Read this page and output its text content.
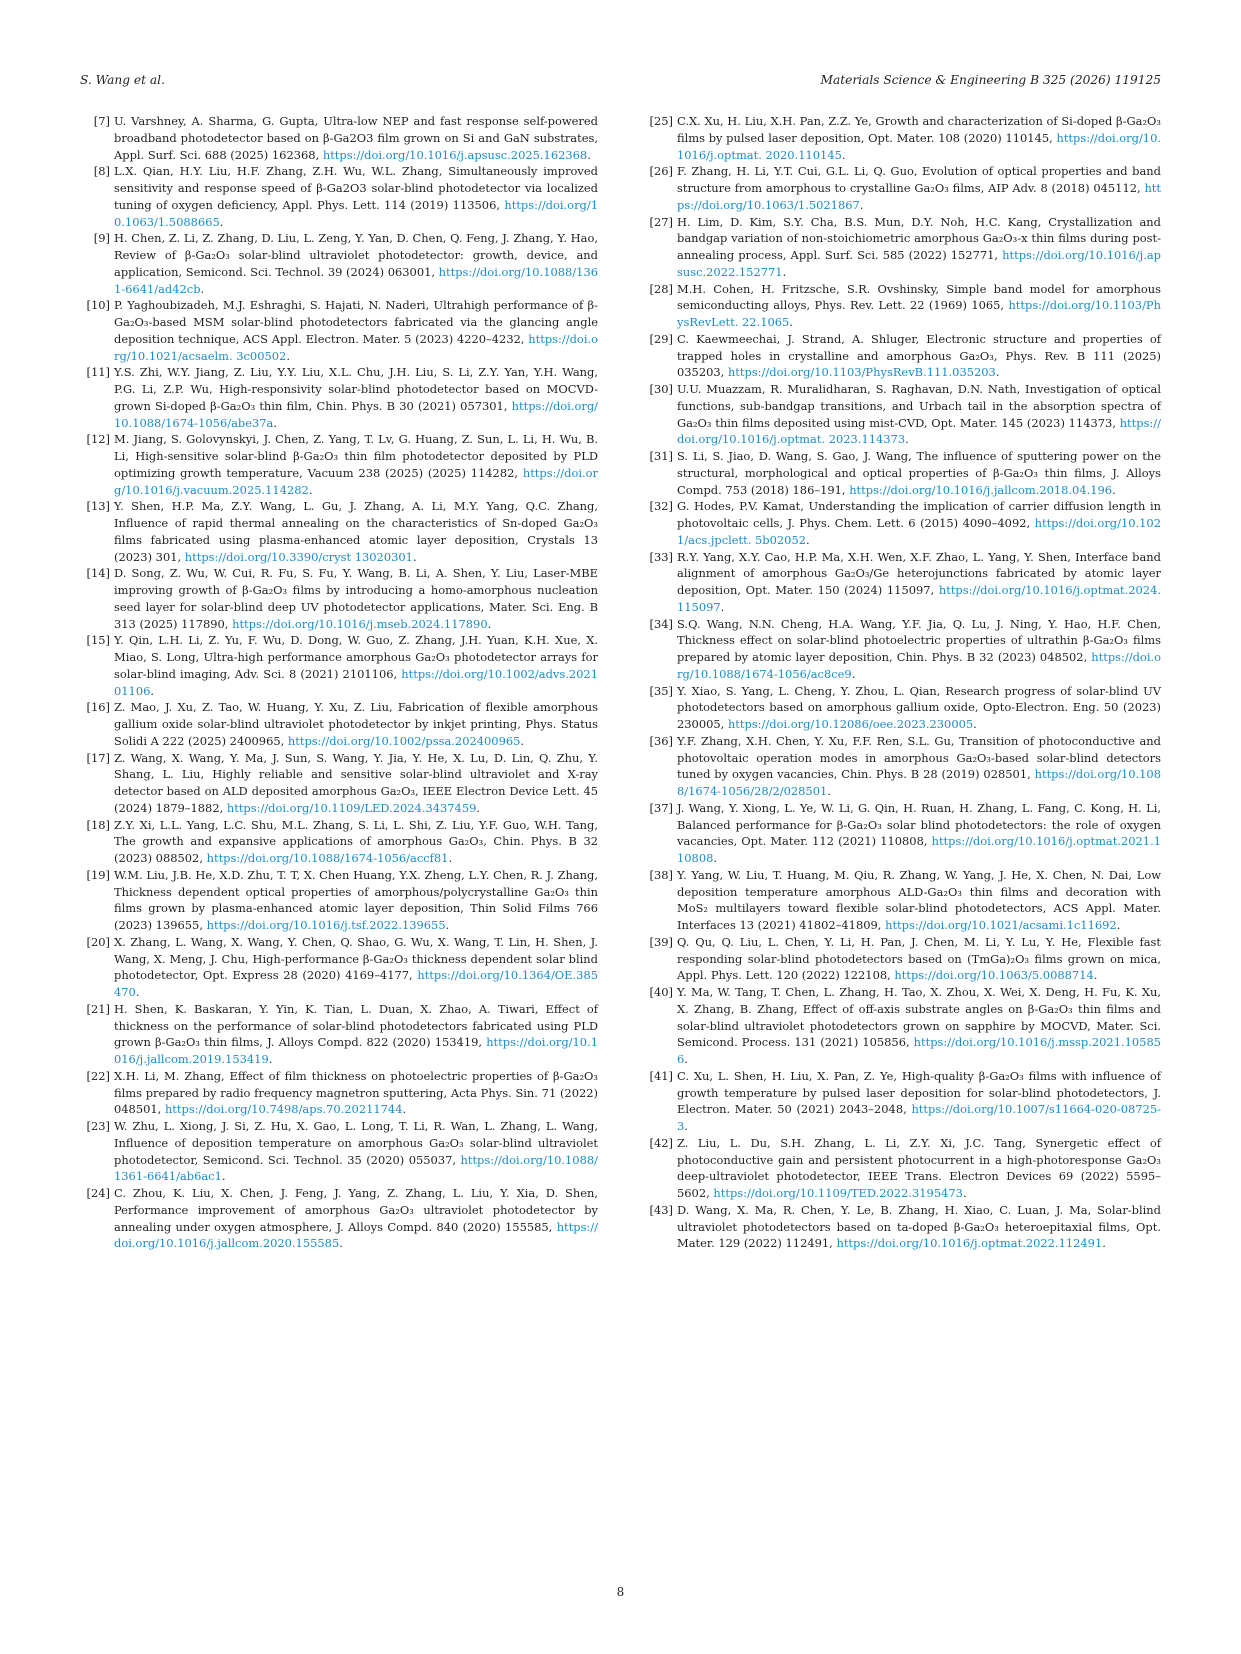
S. Wang et al.	Materials Science & Engineering B 325 (2026) 119125
[7] U. Varshney, A. Sharma, G. Gupta, Ultra-low NEP and fast response self-powered broadband photodetector based on β-Ga2O3 film grown on Si and GaN substrates, Appl. Surf. Sci. 688 (2025) 162368, https://doi.org/10.1016/j.apsusc.2025.162368.
[8] L.X. Qian, H.Y. Liu, H.F. Zhang, Z.H. Wu, W.L. Zhang, Simultaneously improved sensitivity and response speed of β-Ga2O3 solar-blind photodetector via localized tuning of oxygen deficiency, Appl. Phys. Lett. 114 (2019) 113506, https://doi.org/10.1063/1.5088665.
[9] H. Chen, Z. Li, Z. Zhang, D. Liu, L. Zeng, Y. Yan, D. Chen, Q. Feng, J. Zhang, Y. Hao, Review of β-Ga₂O₃ solar-blind ultraviolet photodetector: growth, device, and application, Semicond. Sci. Technol. 39 (2024) 063001, https://doi.org/10.1088/1361-6641/ad42cb.
[10] P. Yaghoubizadeh, M.J. Eshraghi, S. Hajati, N. Naderi, Ultrahigh performance of β-Ga₂O₃-based MSM solar-blind photodetectors fabricated via the glancing angle deposition technique, ACS Appl. Electron. Mater. 5 (2023) 4220–4232, https://doi.org/10.1021/acsaelm. 3c00502.
[11] Y.S. Zhi, W.Y. Jiang, Z. Liu, Y.Y. Liu, X.L. Chu, J.H. Liu, S. Li, Z.Y. Yan, Y.H. Wang, P.G. Li, Z.P. Wu, High-responsivity solar-blind photodetector based on MOCVD-grown Si-doped β-Ga₂O₃ thin film, Chin. Phys. B 30 (2021) 057301, https://doi.org/10.1088/1674-1056/abe37a.
[12] M. Jiang, S. Golovynskyi, J. Chen, Z. Yang, T. Lv, G. Huang, Z. Sun, L. Li, H. Wu, B. Li, High-sensitive solar-blind β-Ga₂O₃ thin film photodetector deposited by PLD optimizing growth temperature, Vacuum 238 (2025) (2025) 114282, https://doi.org/10.1016/j.vacuum.2025.114282.
[13] Y. Shen, H.P. Ma, Z.Y. Wang, L. Gu, J. Zhang, A. Li, M.Y. Yang, Q.C. Zhang, Influence of rapid thermal annealing on the characteristics of Sn-doped Ga₂O₃ films fabricated using plasma-enhanced atomic layer deposition, Crystals 13 (2023) 301, https://doi.org/10.3390/cryst 13020301.
[14] D. Song, Z. Wu, W. Cui, R. Fu, S. Fu, Y. Wang, B. Li, A. Shen, Y. Liu, Laser-MBE improving growth of β-Ga₂O₃ films by introducing a homo-amorphous nucleation seed layer for solar-blind deep UV photodetector applications, Mater. Sci. Eng. B 313 (2025) 117890, https://doi.org/10.1016/j.mseb.2024.117890.
[15] Y. Qin, L.H. Li, Z. Yu, F. Wu, D. Dong, W. Guo, Z. Zhang, J.H. Yuan, K.H. Xue, X. Miao, S. Long, Ultra-high performance amorphous Ga₂O₃ photodetector arrays for solar-blind imaging, Adv. Sci. 8 (2021) 2101106, https://doi.org/10.1002/advs.202101106.
[16] Z. Mao, J. Xu, Z. Tao, W. Huang, Y. Xu, Z. Liu, Fabrication of flexible amorphous gallium oxide solar-blind ultraviolet photodetector by inkjet printing, Phys. Status Solidi A 222 (2025) 2400965, https://doi.org/10.1002/pssa.202400965.
[17] Z. Wang, X. Wang, Y. Ma, J. Sun, S. Wang, Y. Jia, Y. He, X. Lu, D. Lin, Q. Zhu, Y. Shang, L. Liu, Highly reliable and sensitive solar-blind ultraviolet and X-ray detector based on ALD deposited amorphous Ga₂O₃, IEEE Electron Device Lett. 45 (2024) 1879–1882, https://doi.org/10.1109/LED.2024.3437459.
[18] Z.Y. Xi, L.L. Yang, L.C. Shu, M.L. Zhang, S. Li, L. Shi, Z. Liu, Y.F. Guo, W.H. Tang, The growth and expansive applications of amorphous Ga₂O₃, Chin. Phys. B 32 (2023) 088502, https://doi.org/10.1088/1674-1056/accf81.
[19] W.M. Liu, J.B. He, X.D. Zhu, T. T, X. Chen Huang, Y.X. Zheng, L.Y. Chen, R. J. Zhang, Thickness dependent optical properties of amorphous/polycrystalline Ga₂O₃ thin films grown by plasma-enhanced atomic layer deposition, Thin Solid Films 766 (2023) 139655, https://doi.org/10.1016/j.tsf.2022.139655.
[20] X. Zhang, L. Wang, X. Wang, Y. Chen, Q. Shao, G. Wu, X. Wang, T. Lin, H. Shen, J. Wang, X. Meng, J. Chu, High-performance β-Ga₂O₃ thickness dependent solar blind photodetector, Opt. Express 28 (2020) 4169–4177, https://doi.org/10.1364/OE.385470.
[21] H. Shen, K. Baskaran, Y. Yin, K. Tian, L. Duan, X. Zhao, A. Tiwari, Effect of thickness on the performance of solar-blind photodetectors fabricated using PLD grown β-Ga₂O₃ thin films, J. Alloys Compd. 822 (2020) 153419, https://doi.org/10.1016/j.jallcom.2019.153419.
[22] X.H. Li, M. Zhang, Effect of film thickness on photoelectric properties of β-Ga₂O₃ films prepared by radio frequency magnetron sputtering, Acta Phys. Sin. 71 (2022) 048501, https://doi.org/10.7498/aps.70.20211744.
[23] W. Zhu, L. Xiong, J. Si, Z. Hu, X. Gao, L. Long, T. Li, R. Wan, L. Zhang, L. Wang, Influence of deposition temperature on amorphous Ga₂O₃ solar-blind ultraviolet photodetector, Semicond. Sci. Technol. 35 (2020) 055037, https://doi.org/10.1088/1361-6641/ab6ac1.
[24] C. Zhou, K. Liu, X. Chen, J. Feng, J. Yang, Z. Zhang, L. Liu, Y. Xia, D. Shen, Performance improvement of amorphous Ga₂O₃ ultraviolet photodetector by annealing under oxygen atmosphere, J. Alloys Compd. 840 (2020) 155585, https://doi.org/10.1016/j.jallcom.2020.155585.
[25] C.X. Xu, H. Liu, X.H. Pan, Z.Z. Ye, Growth and characterization of Si-doped β-Ga₂O₃ films by pulsed laser deposition, Opt. Mater. 108 (2020) 110145, https://doi.org/10.1016/j.optmat. 2020.110145.
[26] F. Zhang, H. Li, Y.T. Cui, G.L. Li, Q. Guo, Evolution of optical properties and band structure from amorphous to crystalline Ga₂O₃ films, AIP Adv. 8 (2018) 045112, https://doi.org/10.1063/1.5021867.
[27] H. Lim, D. Kim, S.Y. Cha, B.S. Mun, D.Y. Noh, H.C. Kang, Crystallization and bandgap variation of non-stoichiometric amorphous Ga₂O₃-x thin films during post-annealing process, Appl. Surf. Sci. 585 (2022) 152771, https://doi.org/10.1016/j.apsusc.2022.152771.
[28] M.H. Cohen, H. Fritzsche, S.R. Ovshinsky, Simple band model for amorphous semiconducting alloys, Phys. Rev. Lett. 22 (1969) 1065, https://doi.org/10.1103/PhysRevLett. 22.1065.
[29] C. Kaewmeechai, J. Strand, A. Shluger, Electronic structure and properties of trapped holes in crystalline and amorphous Ga₂O₃, Phys. Rev. B 111 (2025) 035203, https://doi.org/10.1103/PhysRevB.111.035203.
[30] U.U. Muazzam, R. Muralidharan, S. Raghavan, D.N. Nath, Investigation of optical functions, sub-bandgap transitions, and Urbach tail in the absorption spectra of Ga₂O₃ thin films deposited using mist-CVD, Opt. Mater. 145 (2023) 114373, https://doi.org/10.1016/j.optmat. 2023.114373.
[31] S. Li, S. Jiao, D. Wang, S. Gao, J. Wang, The influence of sputtering power on the structural, morphological and optical properties of β-Ga₂O₃ thin films, J. Alloys Compd. 753 (2018) 186–191, https://doi.org/10.1016/j.jallcom.2018.04.196.
[32] G. Hodes, P.V. Kamat, Understanding the implication of carrier diffusion length in photovoltaic cells, J. Phys. Chem. Lett. 6 (2015) 4090–4092, https://doi.org/10.1021/acs.jpclett. 5b02052.
[33] R.Y. Yang, X.Y. Cao, H.P. Ma, X.H. Wen, X.F. Zhao, L. Yang, Y. Shen, Interface band alignment of amorphous Ga₂O₃/Ge heterojunctions fabricated by atomic layer deposition, Opt. Mater. 150 (2024) 115097, https://doi.org/10.1016/j.optmat.2024.115097.
[34] S.Q. Wang, N.N. Cheng, H.A. Wang, Y.F. Jia, Q. Lu, J. Ning, Y. Hao, H.F. Chen, Thickness effect on solar-blind photoelectric properties of ultrathin β-Ga₂O₃ films prepared by atomic layer deposition, Chin. Phys. B 32 (2023) 048502, https://doi.org/10.1088/1674-1056/ac8ce9.
[35] Y. Xiao, S. Yang, L. Cheng, Y. Zhou, L. Qian, Research progress of solar-blind UV photodetectors based on amorphous gallium oxide, Opto-Electron. Eng. 50 (2023) 230005, https://doi.org/10.12086/oee.2023.230005.
[36] Y.F. Zhang, X.H. Chen, Y. Xu, F.F. Ren, S.L. Gu, Transition of photoconductive and photovoltaic operation modes in amorphous Ga₂O₃-based solar-blind detectors tuned by oxygen vacancies, Chin. Phys. B 28 (2019) 028501, https://doi.org/10.1088/1674-1056/28/2/028501.
[37] J. Wang, Y. Xiong, L. Ye, W. Li, G. Qin, H. Ruan, H. Zhang, L. Fang, C. Kong, H. Li, Balanced performance for β-Ga₂O₃ solar blind photodetectors: the role of oxygen vacancies, Opt. Mater. 112 (2021) 110808, https://doi.org/10.1016/j.optmat.2021.110808.
[38] Y. Yang, W. Liu, T. Huang, M. Qiu, R. Zhang, W. Yang, J. He, X. Chen, N. Dai, Low deposition temperature amorphous ALD-Ga₂O₃ thin films and decoration with MoS₂ multilayers toward flexible solar-blind photodetectors, ACS Appl. Mater. Interfaces 13 (2021) 41802–41809, https://doi.org/10.1021/acsami.1c11692.
[39] Q. Qu, Q. Liu, L. Chen, Y. Li, H. Pan, J. Chen, M. Li, Y. Lu, Y. He, Flexible fast responding solar-blind photodetectors based on (TmGa)₂O₃ films grown on mica, Appl. Phys. Lett. 120 (2022) 122108, https://doi.org/10.1063/5.0088714.
[40] Y. Ma, W. Tang, T. Chen, L. Zhang, H. Tao, X. Zhou, X. Wei, X. Deng, H. Fu, K. Xu, X. Zhang, B. Zhang, Effect of off-axis substrate angles on β-Ga₂O₃ thin films and solar-blind ultraviolet photodetectors grown on sapphire by MOCVD, Mater. Sci. Semicond. Process. 131 (2021) 105856, https://doi.org/10.1016/j.mssp.2021.105856.
[41] C. Xu, L. Shen, H. Liu, X. Pan, Z. Ye, High-quality β-Ga₂O₃ films with influence of growth temperature by pulsed laser deposition for solar-blind photodetectors, J. Electron. Mater. 50 (2021) 2043–2048, https://doi.org/10.1007/s11664-020-08725-3.
[42] Z. Liu, L. Du, S.H. Zhang, L. Li, Z.Y. Xi, J.C. Tang, Synergetic effect of photoconductive gain and persistent photocurrent in a high-photoresponse Ga₂O₃ deep-ultraviolet photodetector, IEEE Trans. Electron Devices 69 (2022) 5595–5602, https://doi.org/10.1109/TED.2022.3195473.
[43] D. Wang, X. Ma, R. Chen, Y. Le, B. Zhang, H. Xiao, C. Luan, J. Ma, Solar-blind ultraviolet photodetectors based on ta-doped β-Ga₂O₃ heteroepitaxial films, Opt. Mater. 129 (2022) 112491, https://doi.org/10.1016/j.optmat.2022.112491.
8
